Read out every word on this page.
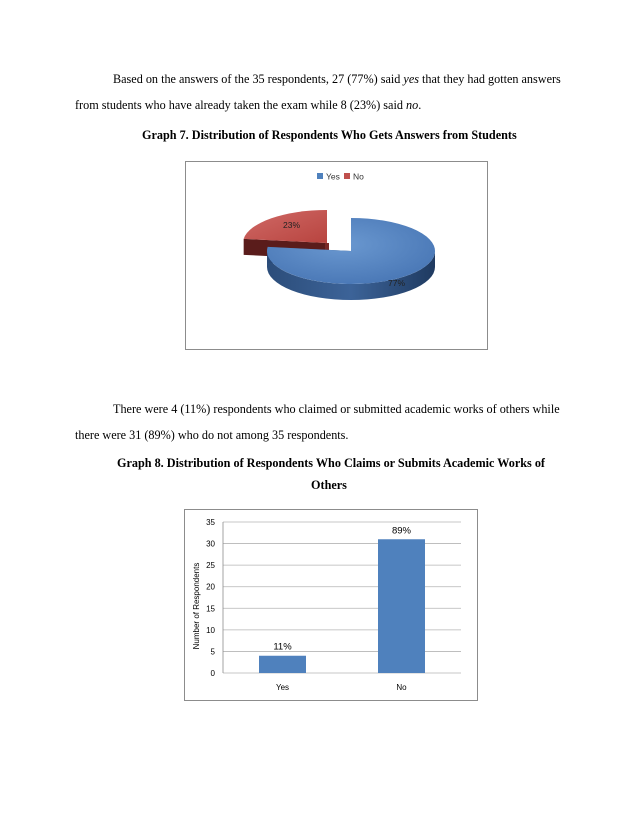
Based on the answers of the 35 respondents, 27 (77%) said yes that they had gotten answers from students who have already taken the exam while 8 (23%) said no.
Graph 7. Distribution of Respondents Who Gets Answers from Students
Yes No
23%
77%
There were 4 (11%) respondents who claimed or submitted academic works of others while there were 31 (89%) who do not among 35 respondents.
Graph 8. Distribution of Respondents Who Claims or Submits Academic Works of
Others
0
5
10
15
20
25
30
35
11%
Yes
89%
No
Number of Respondents
